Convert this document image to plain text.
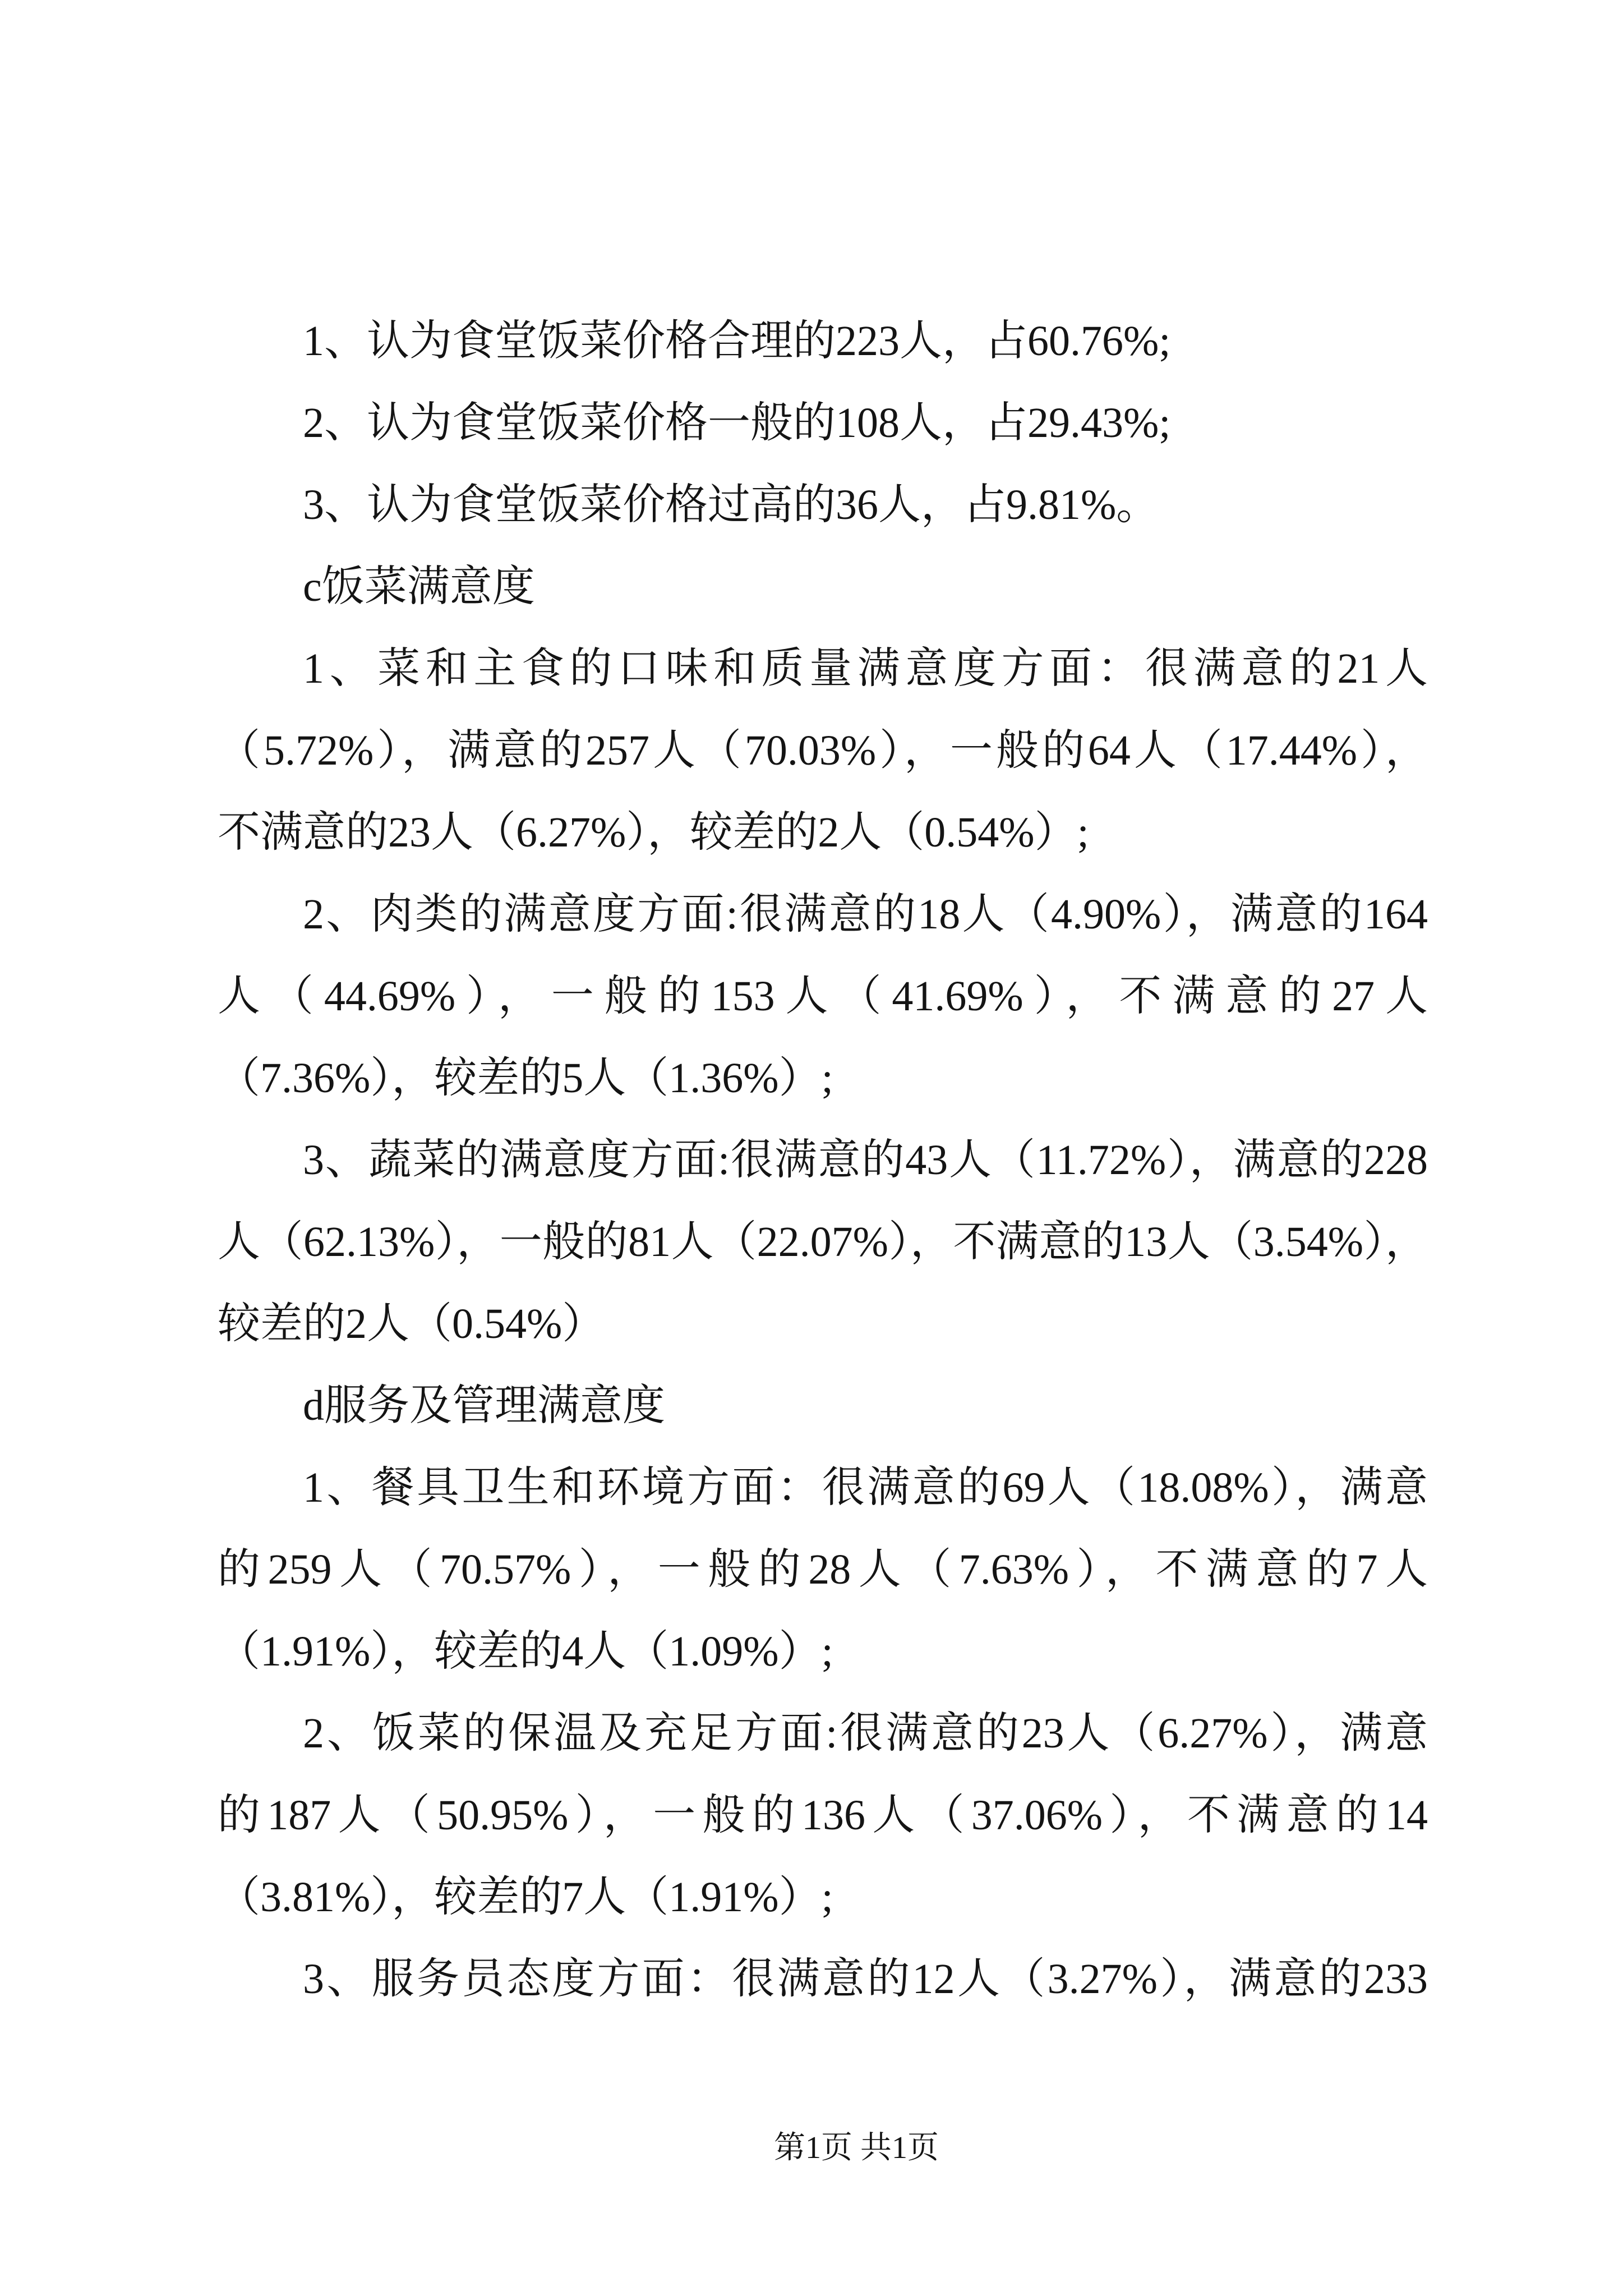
1、认为食堂饭菜价格合理的223人，占60.76%;
2、认为食堂饭菜价格一般的108人，占29.43%;
3、认为食堂饭菜价格过高的36人，占9.81%。
c饭菜满意度
1、菜和主食的口味和质量满意度方面：很满意的21人
（5.72%），满意的257人（70.03%），一般的64人（17.44%），
不满意的23人（6.27%），较差的2人（0.54%）;
2、肉类的满意度方面:很满意的18人（4.90%），满意的164
人（44.69%），一般的153人（41.69%），不满意的27人
（7.36%），较差的5人（1.36%）;
3、蔬菜的满意度方面:很满意的43人（11.72%），满意的228
人（62.13%），一般的81人（22.07%），不满意的13人（3.54%），
较差的2人（0.54%）
d服务及管理满意度
1、餐具卫生和环境方面：很满意的69人（18.08%），满意
的259人（70.57%），一般的28人（7.63%），不满意的7人
（1.91%），较差的4人（1.09%）;
2、饭菜的保温及充足方面:很满意的23人（6.27%），满意
的187人（50.95%），一般的136人（37.06%），不满意的14
（3.81%），较差的7人（1.91%）;
3、服务员态度方面：很满意的12人（3.27%），满意的233
第1页 共1页
